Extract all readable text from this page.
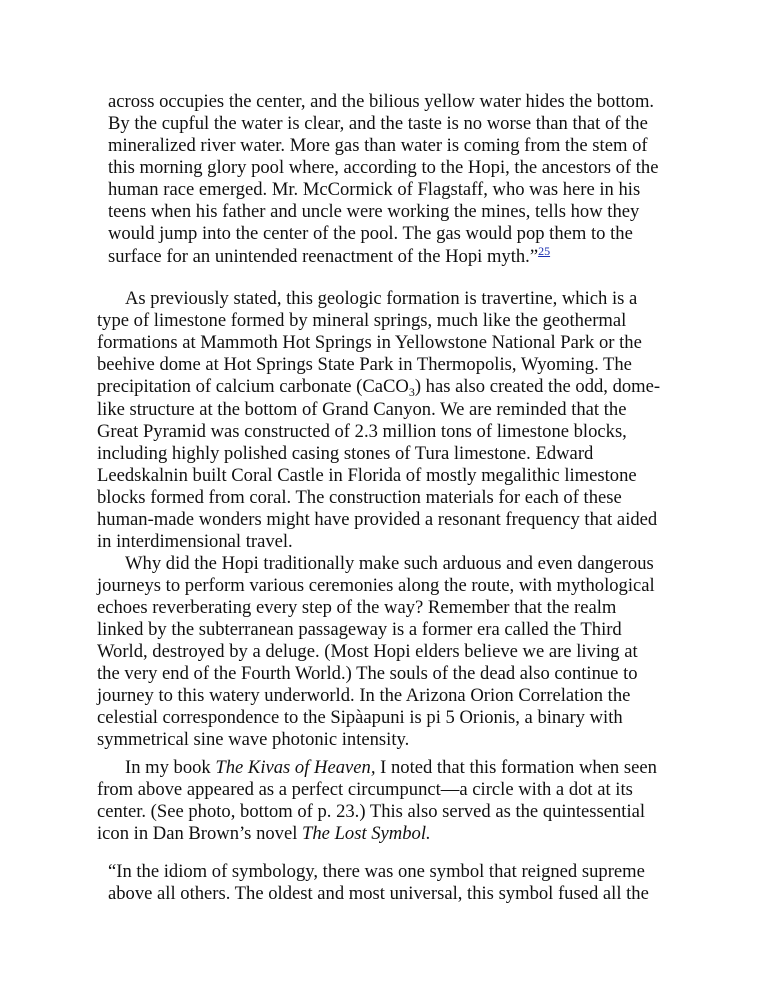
across occupies the center, and the bilious yellow water hides the bottom.
By the cupful the water is clear, and the taste is no worse than that of the
mineralized river water. More gas than water is coming from the stem of
this morning glory pool where, according to the Hopi, the ancestors of the
human race emerged. Mr. McCormick of Flagstaff, who was here in his
teens when his father and uncle were working the mines, tells how they
would jump into the center of the pool. The gas would pop them to the
surface for an unintended reenactment of the Hopi myth.”$^{25}$
As previously stated, this geologic formation is travertine, which is a
type of limestone formed by mineral springs, much like the geothermal
formations at Mammoth Hot Springs in Yellowstone National Park or the
beehive dome at Hot Springs State Park in Thermopolis, Wyoming. The
precipitation of calcium carbonate (CaCO$_3$) has also created the odd, dome-
like structure at the bottom of Grand Canyon. We are reminded that the
Great Pyramid was constructed of 2.3 million tons of limestone blocks,
including highly polished casing stones of Tura limestone. Edward
Leedskalnin built Coral Castle in Florida of mostly megalithic limestone
blocks formed from coral. The construction materials for each of these
human-made wonders might have provided a resonant frequency that aided
in interdimensional travel.
Why did the Hopi traditionally make such arduous and even dangerous
journeys to perform various ceremonies along the route, with mythological
echoes reverberating every step of the way? Remember that the realm
linked by the subterranean passageway is a former era called the Third
World, destroyed by a deluge. (Most Hopi elders believe we are living at
the very end of the Fourth World.) The souls of the dead also continue to
journey to this watery underworld. In the Arizona Orion Correlation the
celestial correspondence to the Sipàapuni is pi 5 Orionis, a binary with
symmetrical sine wave photonic intensity.
In my book The Kivas of Heaven, I noted that this formation when seen
from above appeared as a perfect circumpunct—a circle with a dot at its
center. (See photo, bottom of p. 23.) This also served as the quintessential
icon in Dan Brown’s novel The Lost Symbol.
“In the idiom of symbology, there was one symbol that reigned supreme
above all others. The oldest and most universal, this symbol fused all the
